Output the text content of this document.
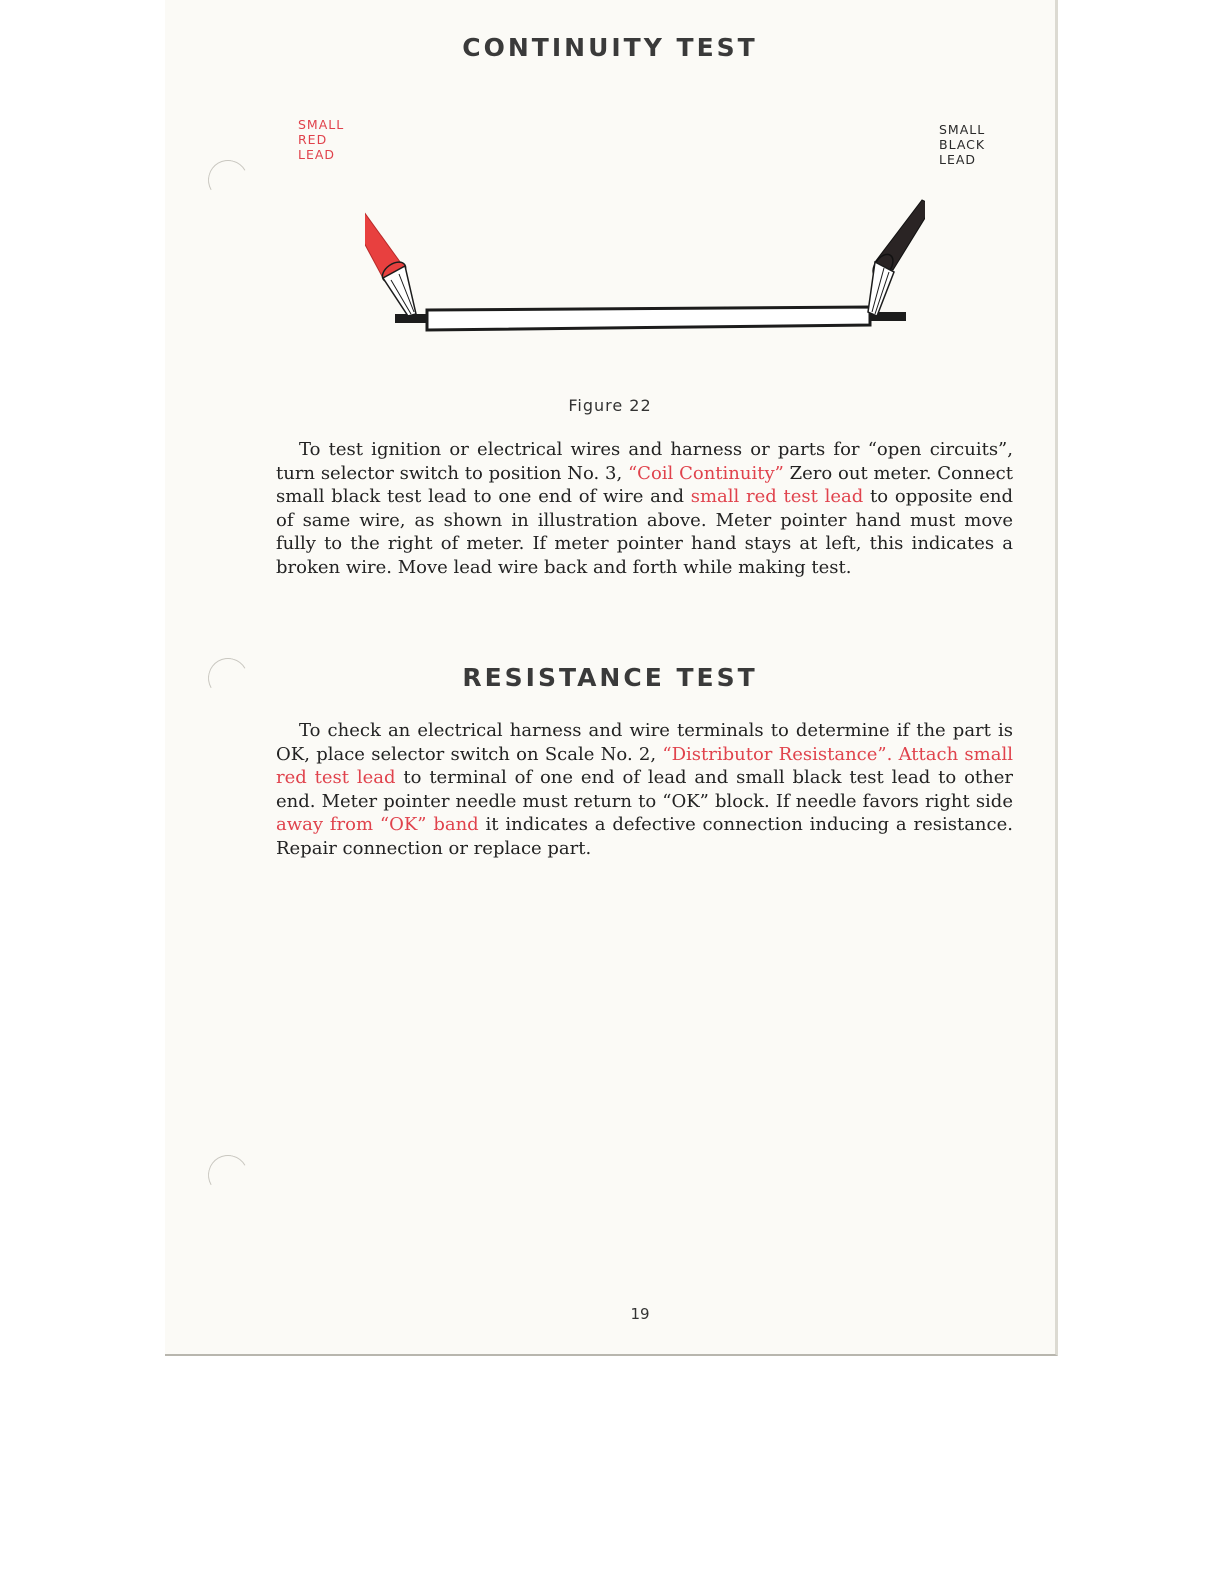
CONTINUITY TEST

SMALL
RED
LEAD

SMALL
BLACK
LEAD

Figure 22

To test ignition or electrical wires and harness or parts for “open circuits”, turn selector switch to position No. 3, “Coil Continuity” Zero out meter. Connect small black test lead to one end of wire and small red test lead to opposite end of same wire, as shown in illustration above. Meter pointer hand must move fully to the right of meter. If meter pointer hand stays at left, this indicates a broken wire. Move lead wire back and forth while making test.

RESISTANCE TEST

To check an electrical harness and wire terminals to determine if the part is OK, place selector switch on Scale No. 2, “Distributor Resistance”. Attach small red test lead to terminal of one end of lead and small black test lead to other end. Meter pointer needle must return to “OK” block. If needle favors right side away from “OK” band it indicates a defective connection inducing a resistance. Repair connection or replace part.

19
